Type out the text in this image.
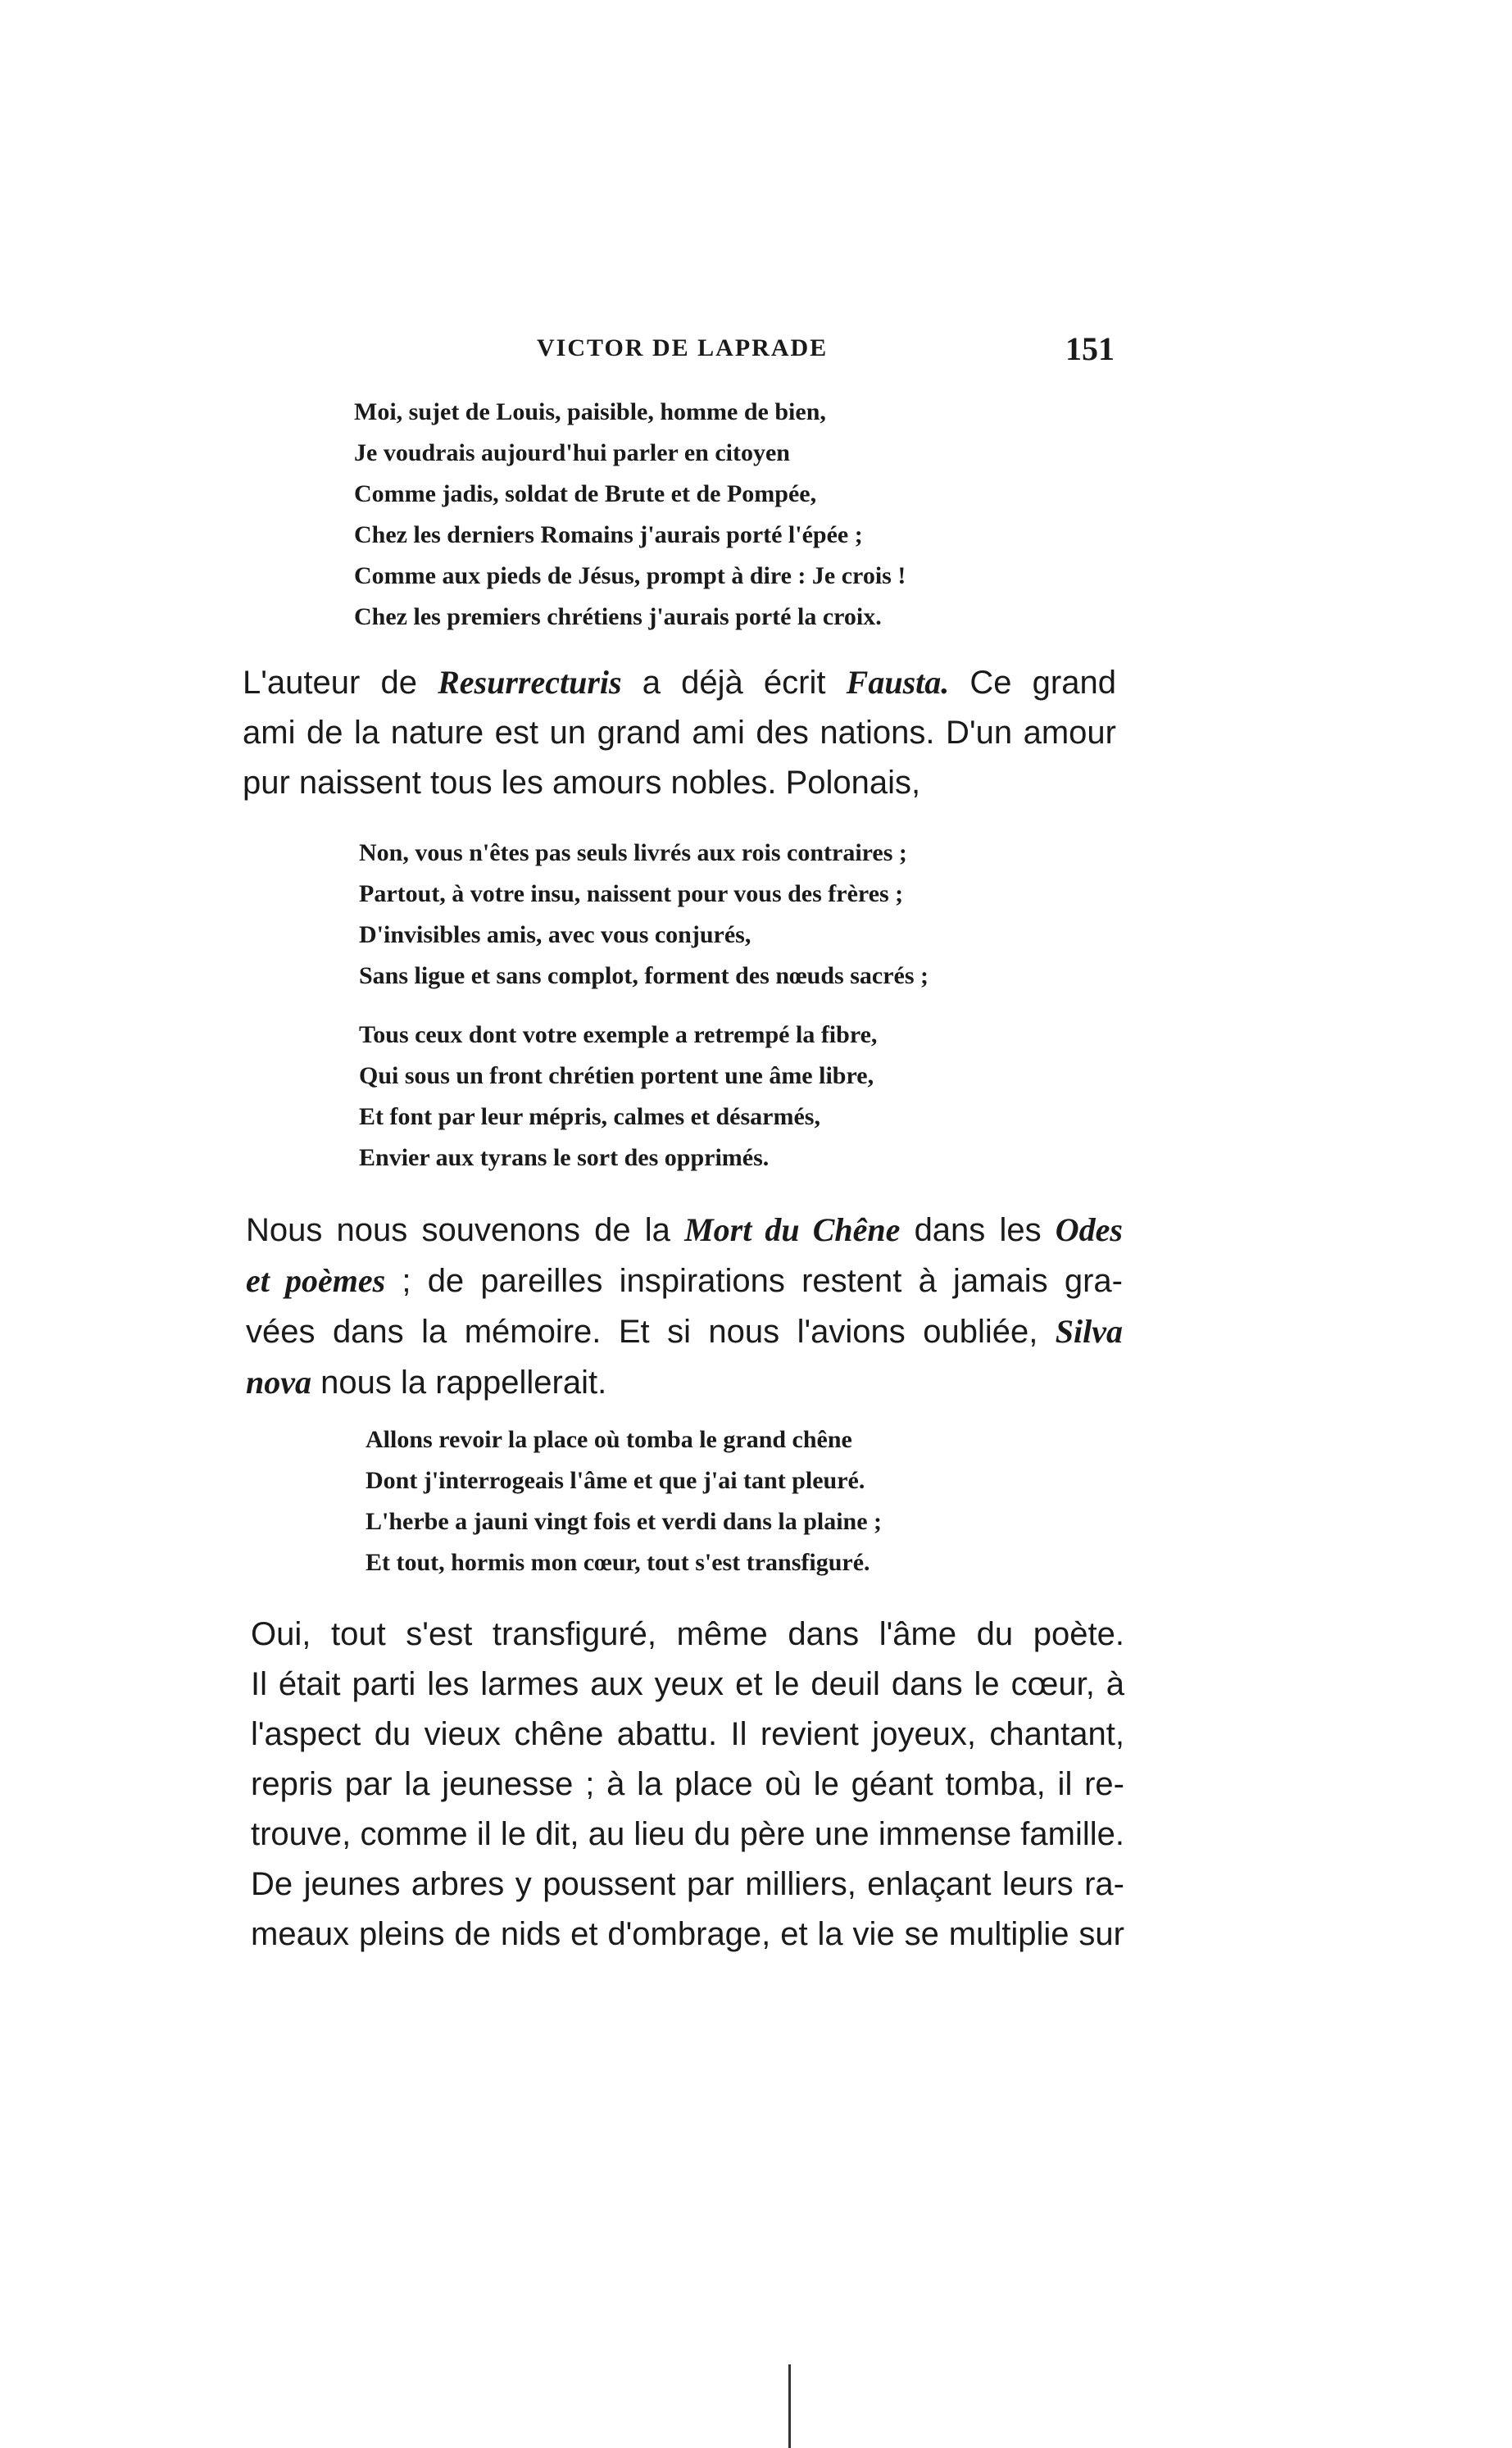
VICTOR DE LAPRADE	151
Moi, sujet de Louis, paisible, homme de bien,
Je voudrais aujourd'hui parler en citoyen
Comme jadis, soldat de Brute et de Pompée,
Chez les derniers Romains j'aurais porté l'épée ;
Comme aux pieds de Jésus, prompt à dire : Je crois !
Chez les premiers chrétiens j'aurais porté la croix.
L'auteur de Resurrecturis a déjà écrit Fausta. Ce grand
ami de la nature est un grand ami des nations. D'un amour
pur naissent tous les amours nobles. Polonais,
Non, vous n'êtes pas seuls livrés aux rois contraires ;
Partout, à votre insu, naissent pour vous des frères ;
D'invisibles amis, avec vous conjurés,
Sans ligue et sans complot, forment des nœuds sacrés ;
Tous ceux dont votre exemple a retrempé la fibre,
Qui sous un front chrétien portent une âme libre,
Et font par leur mépris, calmes et désarmés,
Envier aux tyrans le sort des opprimés.
Nous nous souvenons de la Mort du Chêne dans les Odes
et poèmes ; de pareilles inspirations restent à jamais gra-
vées dans la mémoire. Et si nous l'avions oubliée, Silva
nova nous la rappellerait.
Allons revoir la place où tomba le grand chêne
Dont j'interrogeais l'âme et que j'ai tant pleuré.
L'herbe a jauni vingt fois et verdi dans la plaine ;
Et tout, hormis mon cœur, tout s'est transfiguré.
Oui, tout s'est transfiguré, même dans l'âme du poète.
Il était parti les larmes aux yeux et le deuil dans le cœur, à
l'aspect du vieux chêne abattu. Il revient joyeux, chantant,
repris par la jeunesse ; à la place où le géant tomba, il re-
trouve, comme il le dit, au lieu du père une immense famille.
De jeunes arbres y poussent par milliers, enlaçant leurs ra-
meaux pleins de nids et d'ombrage, et la vie se multiplie sur
